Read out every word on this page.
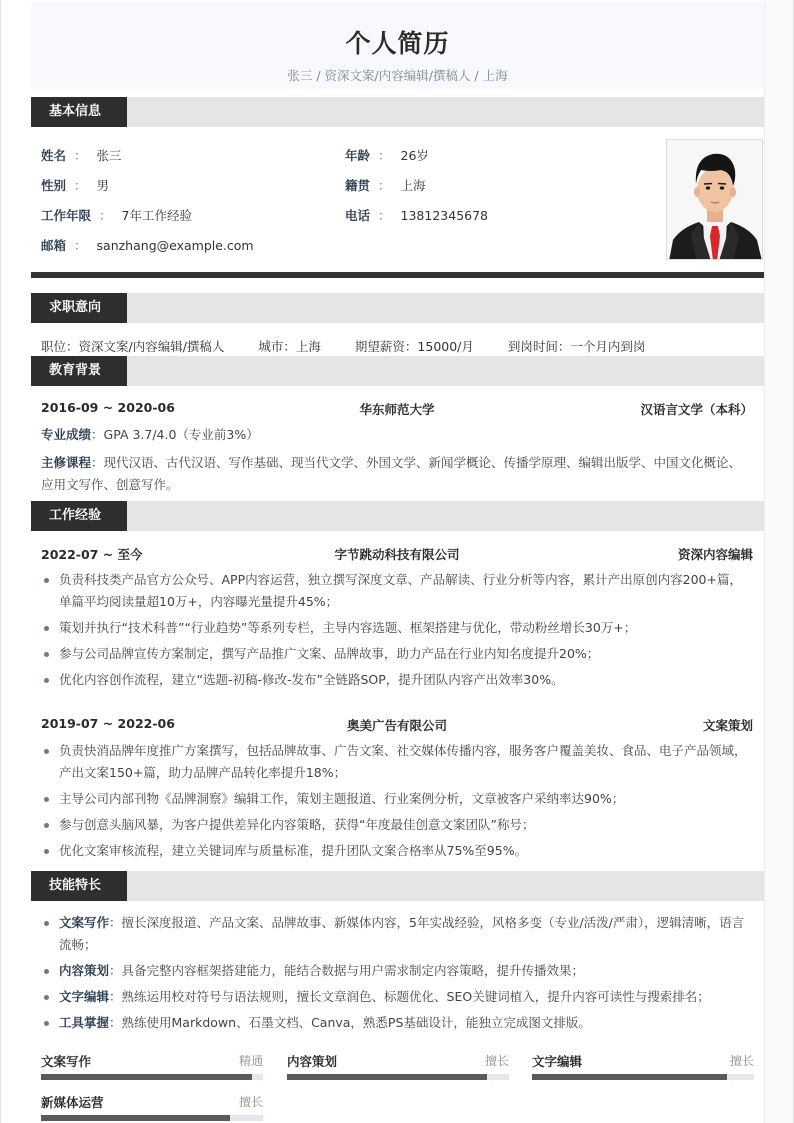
个人简历
张三 / 资深文案/内容编辑/撰稿人 / 上海
基本信息
姓名 ： 张三	年龄 ： 26岁
性别 ： 男	籍贯 ： 上海
工作年限 ： 7年工作经验	电话 ： 13812345678
邮箱 ： sanzhang@example.com
求职意向
职位：资深文案/内容编辑/撰稿人	城市：上海	期望薪资：15000/月	到岗时间：一个月内到岗
教育背景
2016-09 ~ 2020-06	华东师范大学	汉语言文学（本科）
专业成绩：GPA 3.7/4.0（专业前3%）
主修课程：现代汉语、古代汉语、写作基础、现当代文学、外国文学、新闻学概论、传播学原理、编辑出版学、中国文化概论、应用文写作、创意写作。
工作经验
2022-07 ~ 至今	字节跳动科技有限公司	资深内容编辑
负责科技类产品官方公众号、APP内容运营，独立撰写深度文章、产品解读、行业分析等内容，累计产出原创内容200+篇，单篇平均阅读量超10万+，内容曝光量提升45%；
策划并执行“技术科普”“行业趋势”等系列专栏，主导内容选题、框架搭建与优化，带动粉丝增长30万+；
参与公司品牌宣传方案制定，撰写产品推广文案、品牌故事，助力产品在行业内知名度提升20%；
优化内容创作流程，建立“选题-初稿-修改-发布”全链路SOP，提升团队内容产出效率30%。
2019-07 ~ 2022-06	奥美广告有限公司	文案策划
负责快消品牌年度推广方案撰写，包括品牌故事、广告文案、社交媒体传播内容，服务客户覆盖美妆、食品、电子产品领域，产出文案150+篇，助力品牌产品转化率提升18%；
主导公司内部刊物《品牌洞察》编辑工作，策划主题报道、行业案例分析，文章被客户采纳率达90%；
参与创意头脑风暴，为客户提供差异化内容策略，获得“年度最佳创意文案团队”称号；
优化文案审核流程，建立关键词库与质量标准，提升团队文案合格率从75%至95%。
技能特长
文案写作：擅长深度报道、产品文案、品牌故事、新媒体内容，5年实战经验，风格多变（专业/活泼/严肃），逻辑清晰，语言流畅；
内容策划：具备完整内容框架搭建能力，能结合数据与用户需求制定内容策略，提升传播效果；
文字编辑：熟练运用校对符号与语法规则，擅长文章润色、标题优化、SEO关键词植入，提升内容可读性与搜索排名；
工具掌握：熟练使用Markdown、石墨文档、Canva，熟悉PS基础设计，能独立完成图文排版。
文案写作	精通 内容策划	擅长 文字编辑	擅长
新媒体运营	擅长
